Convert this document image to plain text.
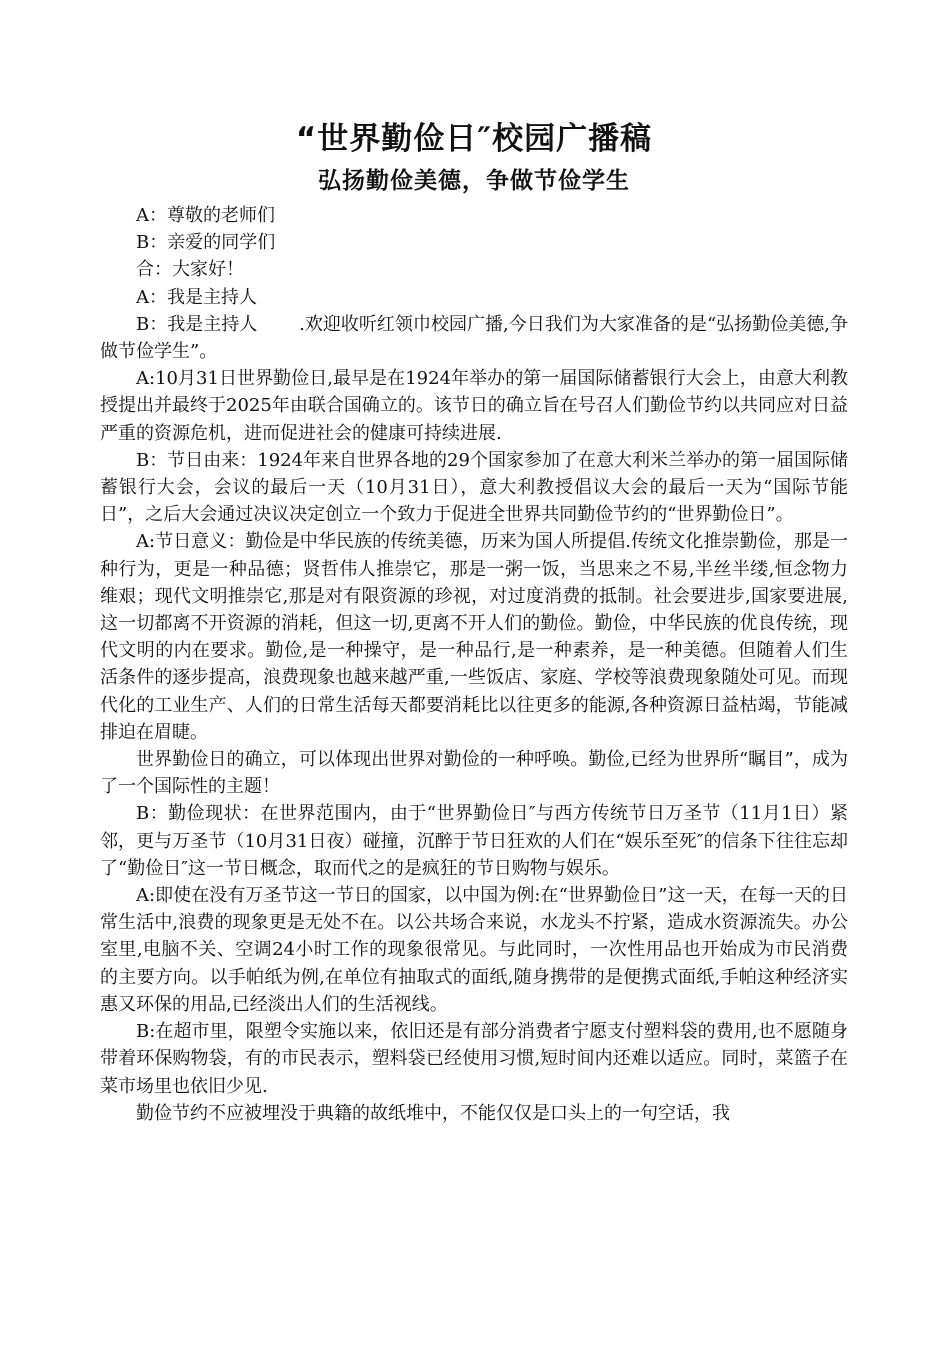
“世界勤俭日″校园广播稿
弘扬勤俭美德，争做节俭学生

A：尊敬的老师们

B：亲爱的同学们

合：大家好！

A：我是主持人

B：我是主持人　　 .欢迎收听红领巾校园广播,今日我们为大家准备的是“弘扬勤俭美德,争做节俭学生”。

A:10月31日世界勤俭日,最早是在1924年举办的第一届国际储蓄银行大会上，由意大利教授提出并最终于2025年由联合国确立的。该节日的确立旨在号召人们勤俭节约以共同应对日益严重的资源危机，进而促进社会的健康可持续进展.

B：节日由来：1924年来自世界各地的29个国家参加了在意大利米兰举办的第一届国际储蓄银行大会，会议的最后一天（10月31日），意大利教授倡议大会的最后一天为“国际节能日”，之后大会通过决议决定创立一个致力于促进全世界共同勤俭节约的“世界勤俭日”。

A:节日意义：勤俭是中华民族的传统美德，历来为国人所提倡.传统文化推崇勤俭，那是一种行为，更是一种品德；贤哲伟人推崇它，那是一粥一饭，当思来之不易,半丝半缕,恒念物力维艰；现代文明推崇它,那是对有限资源的珍视，对过度消费的抵制。社会要进步,国家要进展,这一切都离不开资源的消耗，但这一切,更离不开人们的勤俭。勤俭，中华民族的优良传统，现代文明的内在要求。勤俭,是一种操守，是一种品行,是一种素养，是一种美德。但随着人们生活条件的逐步提高，浪费现象也越来越严重,一些饭店、家庭、学校等浪费现象随处可见。而现代化的工业生产、人们的日常生活每天都要消耗比以往更多的能源,各种资源日益枯竭，节能减排迫在眉睫。

世界勤俭日的确立，可以体现出世界对勤俭的一种呼唤。勤俭,已经为世界所“瞩目”，成为了一个国际性的主题！

B：勤俭现状：在世界范围内，由于“世界勤俭日″与西方传统节日万圣节（11月1日）紧邻，更与万圣节（10月31日夜）碰撞，沉醉于节日狂欢的人们在“娱乐至死″的信条下往往忘却了“勤俭日″这一节日概念，取而代之的是疯狂的节日购物与娱乐。

A:即使在没有万圣节这一节日的国家，以中国为例:在“世界勤俭日”这一天，在每一天的日常生活中,浪费的现象更是无处不在。以公共场合来说，水龙头不拧紧，造成水资源流失。办公室里,电脑不关、空调24小时工作的现象很常见。与此同时，一次性用品也开始成为市民消费的主要方向。以手帕纸为例,在单位有抽取式的面纸,随身携带的是便携式面纸,手帕这种经济实惠又环保的用品,已经淡出人们的生活视线。

B:在超市里，限塑令实施以来，依旧还是有部分消费者宁愿支付塑料袋的费用,也不愿随身带着环保购物袋，有的市民表示，塑料袋已经使用习惯,短时间内还难以适应。同时，菜篮子在菜市场里也依旧少见.

勤俭节约不应被埋没于典籍的故纸堆中，不能仅仅是口头上的一句空话，我
